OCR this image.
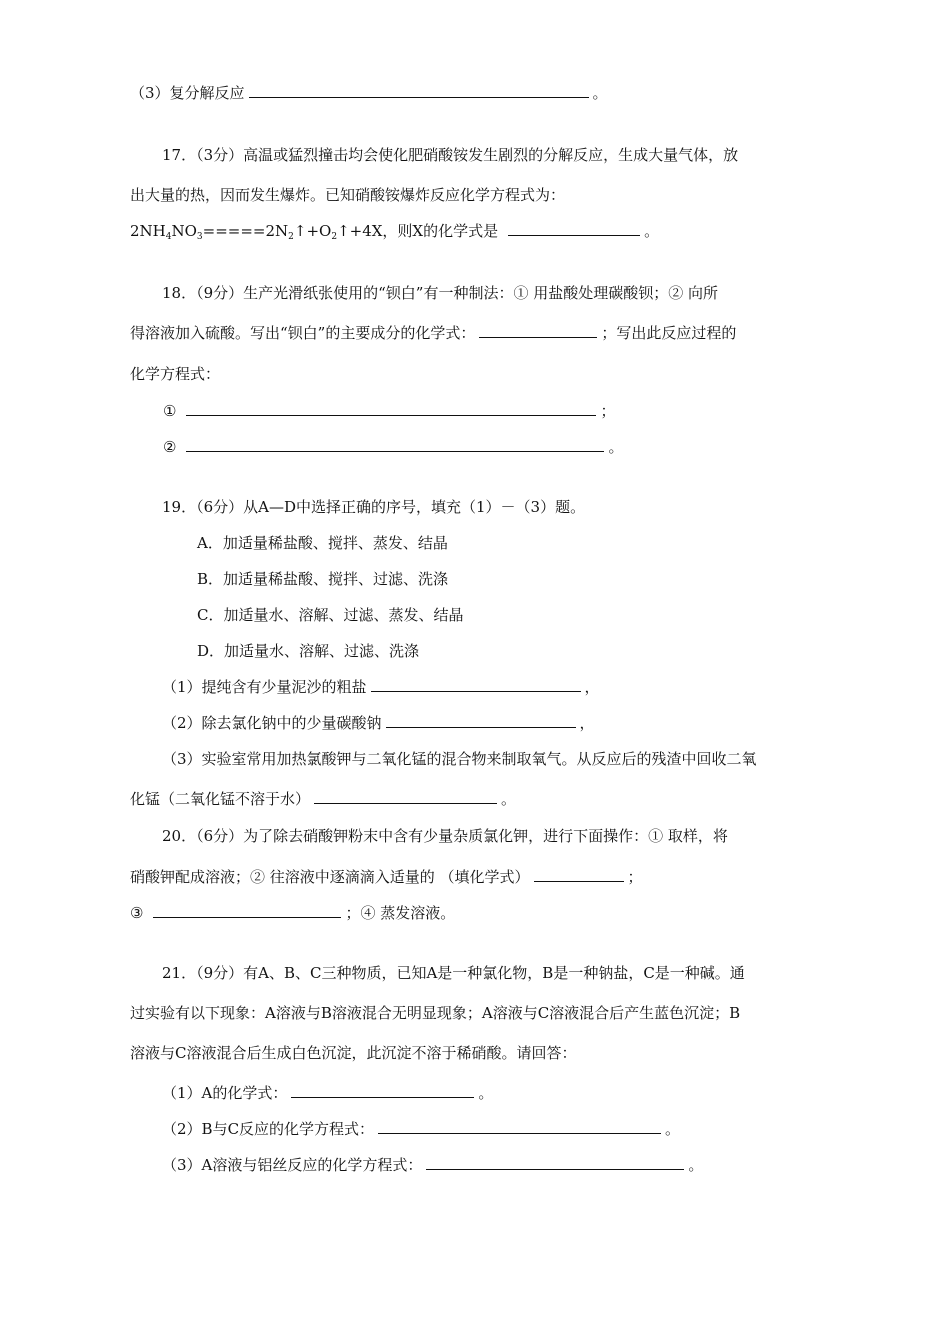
（3）复分解反应	。
17．（3分）高温或猛烈撞击均会使化肥硝酸铵发生剧烈的分解反应，生成大量气体，放
出大量的热，因而发生爆炸。已知硝酸铵爆炸反应化学方程式为：
$2NH_4NO_3=====2N_2↑+O_2↑+4X$，则X的化学式是	。
18．（9分）生产光滑纸张使用的“钡白”有一种制法：① 用盐酸处理碳酸钡；② 向所
得溶液加入硫酸。写出“钡白”的主要成分的化学式：	；写出此反应过程的
化学方程式：
①	；
②	。
19．（6分）从A—D中选择正确的序号，填充（1）－（3）题。
A．加适量稀盐酸、搅拌、蒸发、结晶
B．加适量稀盐酸、搅拌、过滤、洗涤
C．加适量水、溶解、过滤、蒸发、结晶
D．加适量水、溶解、过滤、洗涤
（1）提纯含有少量泥沙的粗盐	，
（2）除去氯化钠中的少量碳酸钠	，
（3）实验室常用加热氯酸钾与二氧化锰的混合物来制取氧气。从反应后的残渣中回收二氧
化锰（二氧化锰不溶于水）	。
20．（6分）为了除去硝酸钾粉末中含有少量杂质氯化钾，进行下面操作：① 取样，将
硝酸钾配成溶液；② 往溶液中逐滴滴入适量的 （填化学式）	；
③	；④ 蒸发溶液。
21．（9分）有A、B、C三种物质，已知A是一种氯化物，B是一种钠盐，C是一种碱。通
过实验有以下现象：A溶液与B溶液混合无明显现象；A溶液与C溶液混合后产生蓝色沉淀；B
溶液与C溶液混合后生成白色沉淀，此沉淀不溶于稀硝酸。请回答：
（1）A的化学式：	。
（2）B与C反应的化学方程式：	。
（3）A溶液与铝丝反应的化学方程式：	。
